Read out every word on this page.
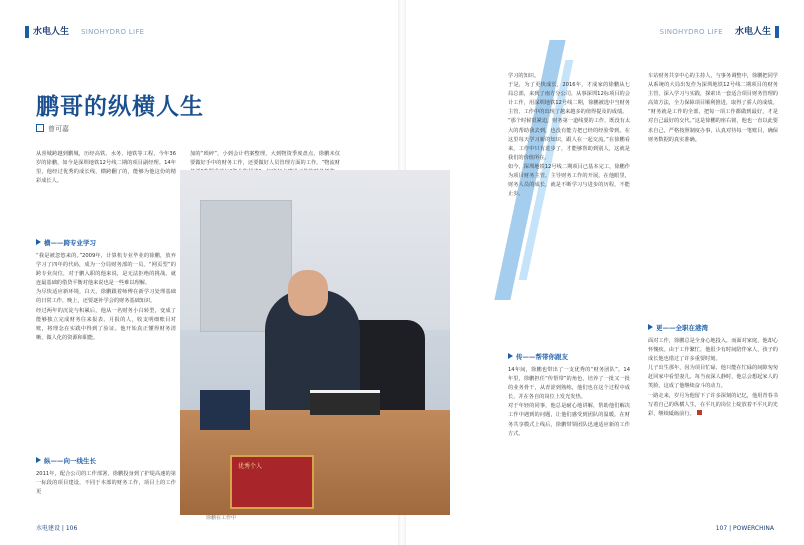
水电人生 SINOHYDRO LIFE
鹏哥的纵横人生
曾可嘉
从喜城跨越到鹏城，历经高铁、水务、地铁等工程，今年36岁的徐鹏，如今是深圳地铁12号线二期的项目副经理。14年里，他经过优秀的成长线，横跨翻了的，能够为他这份的精彩成长人。
横——跨专业学习

“我是被忽悠来的。”2009年，计算机专业毕业的徐鹏，放弃学习了四年的代码，成为一分局财务部的一员。“网页型”的跨专业岗位，对于鹏入职的他来说，是无法拒绝的挑战。就连最基础的借贷平衡对他来说也是一些难以理解。

为尽快适应新环境，白天，徐鹏跟着师傅在新学习处理基础的日常工作，晚上，还要逐补学会的财务基础知识。

经过两年的沉淀与积累后，他从一名财务小白转型，变成了能够独立完成财务往来报表、月报的人，收支明细账目对账，将理念在实践中得到了验证。他开始真正懂得财务清晰，做人化的资源和职能。

纵——向一线生长
2011年，配合公司的工作部署，徐鹏投身到了护堤高速的第一标段的项目建设，不同于本部的财务工作，项目上的工作更

加的“琐碎”，小到会计档案整理，大到物资季度盘点，徐鹏未仅要做好手中的财务工作，还要做好人员管理方面的工作。“物流财

水电建设 | 106
SINOHYDRO LIFE 水电人生

学习的知识。

于是，为了更快成长，2016年，才成家的徐鹏从七局总部，来到了南方分公司，从事深圳12标项目的会计工作，用深圳地铁12号线二期，徐鹏被选中当财务主管，工作中的出现了越来越多的值得提及的成绩。

“那个时候很紧迫，财务第一道线要的工作，既没有太大的帮助我去到，也没有能力把已经的经验带到。在这里每天学习新的知识，跟人在一起交流。”在徐鹏看来，工作中只有进步了，才能够帮助到别人，这就是我们的价值所在。

如今，深圳地铁12号线二期项目已基本完工，徐鹏作为项目财务主管，主导财务工作的开展。在他眼里，财务人员的成长，就是不断学习与进步的历程，不能止步。

传——帮带你跟友

14年间，徐鹏也带出了一支优秀的“财务团队”。14年里，徐鹏担任“传帮带”的角色，培养了一批又一批的业务骨干，从青涩到熟练，他们也在这个过程中成长，并在各自的岗位上发光发热。

对于年轻的同事，他总是耐心地讲解，帮助他们解决工作中遇到的问题，让他们感受到团队的温暖。在财务共享模式上线后，徐鹏带领团队迅速适应新的工作方式。

车站财务共享中心的主持人，与事务调整中，徐鹏把同学从系统的大局出发作为深圳地铁12号线二期项目的财务主管，深入学习与实践，探索出一套适合项目财务管理的高效方法，全力保障项目顺利推进，取得了骄人的成绩。

“财务就是工作的全部，把每一项工作都做到最好，才是对自己最好的交代。”这是徐鹏的座右铭，他也一直以此要求自己，严格按照制度办事，认真对待每一笔账目，确保财务数据的真实准确。

更——全职在港湾

面对工作，徐鹏总是全身心地投入，而面对家庭，他却心怀愧疚。由于工作繁忙，他很少有时间陪伴家人，孩子的成长他也错过了许多重要时刻。

儿子出生那年，因为项目忙碌，他只能在忙碌的间隙匆匆赶回家中看望妻儿。每当夜深人静时，他总会想起家人的笑脸，这成了他继续奋斗的动力。

一路走来，岁月为他留下了许多深刻的记忆，他用青春书写着自己的纵横人生，在平凡的岗位上绽放着不平凡的光彩，继续砥砺前行。

107 | POWERCHINA
优秀个人
徐鹏在工作中
